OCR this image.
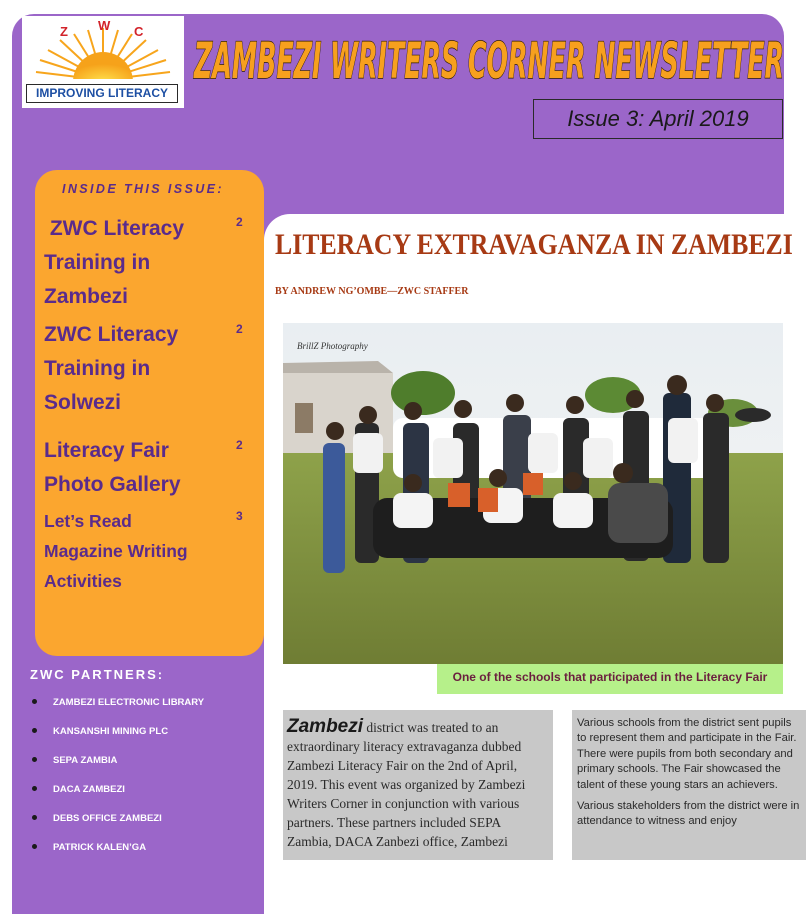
Z W C
IMPROVING LITERACY
ZAMBEZI WRITERS CORNER NEWSLETTER
Issue 3: April 2019
INSIDE THIS ISSUE:
ZWC Literacy
Training in
Zambezi
2
ZWC Literacy
Training in
Solwezi
2
Literacy Fair
Photo Gallery
2
Let’s Read
Magazine Writing
Activities
3
ZWC PARTNERS:
ZAMBEZI ELECTRONIC LIBRARY
KANSANSHI MINING PLC
SEPA ZAMBIA
DACA ZAMBEZI
DEBS OFFICE ZAMBEZI
PATRICK KALEN’GA
LITERACY EXTRAVAGANZA IN ZAMBEZI
BY ANDREW NG’OMBE—ZWC STAFFER
BrillZ Photography
One of the schools that participated in the Literacy Fair

Zambezi district was treated to an extraordinary literacy extravaganza dubbed Zambezi Literacy Fair on the 2nd of April, 2019. This event was organized by Zambezi Writers Corner in conjunction with various partners. These partners included SEPA Zambia, DACA Zanbezi office, Zambezi

Various schools from the district sent pupils to represent them and participate in the Fair. There were pupils from both secondary and primary schools. The Fair showcased the talent of these young stars an achievers.

Various stakeholders from the district were in attendance to witness and enjoy
